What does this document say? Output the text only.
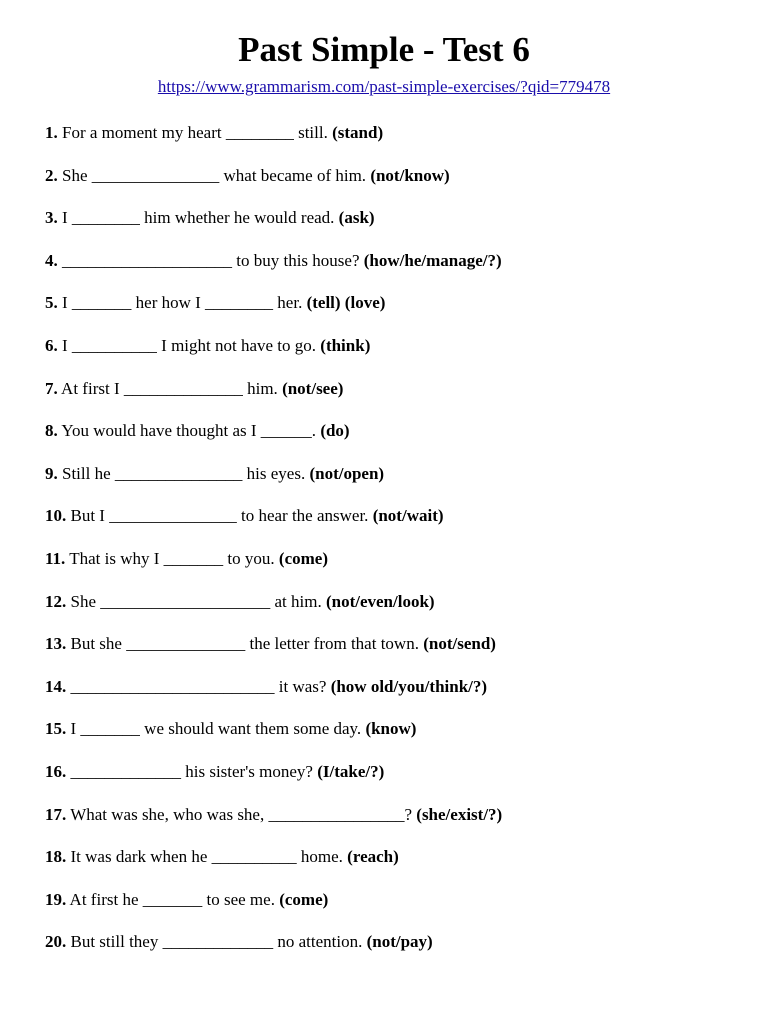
Past Simple - Test 6
https://www.grammarism.com/past-simple-exercises/?qid=779478
1. For a moment my heart ________ still. (stand)
2. She _______________ what became of him. (not/know)
3. I ________ him whether he would read. (ask)
4. ____________________ to buy this house? (how/he/manage/?)
5. I _______ her how I ________ her. (tell) (love)
6. I __________ I might not have to go. (think)
7. At first I ______________ him. (not/see)
8. You would have thought as I ______. (do)
9. Still he _______________ his eyes. (not/open)
10. But I _______________ to hear the answer. (not/wait)
11. That is why I _______ to you. (come)
12. She ____________________ at him. (not/even/look)
13. But she ______________ the letter from that town. (not/send)
14. ________________________ it was? (how old/you/think/?)
15. I _______ we should want them some day. (know)
16. _____________ his sister's money? (I/take/?)
17. What was she, who was she, ________________? (she/exist/?)
18. It was dark when he __________ home. (reach)
19. At first he _______ to see me. (come)
20. But still they _____________ no attention. (not/pay)
